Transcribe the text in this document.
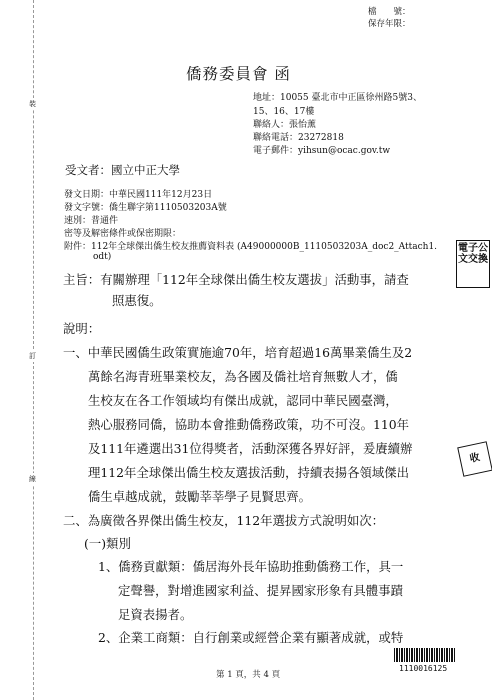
裝
訂
線
檔　　號：
保存年限：
僑務委員會 函
地址：10055 臺北市中正區徐州路5號3、
15、16、17樓
聯絡人：張怡薰
聯絡電話：23272818
電子郵件：yihsun@ocac.gov.tw
受文者：國立中正大學
發文日期：中華民國111年12月23日
發文字號：僑生聯字第1110503203A號
速別：普通件
密等及解密條件或保密期限：
附件：112年全球傑出僑生校友推薦資料表 (A49000000B_1110503203A_doc2_Attach1.
odt)
電子公文交換
收
主旨：有關辦理「112年全球傑出僑生校友選拔」活動事，請查
照惠復。
說明：
一、中華民國僑生政策實施逾70年，培育超過16萬畢業僑生及2
萬餘名海青班畢業校友，為各國及僑社培育無數人才，僑
生校友在各工作領域均有傑出成就，認同中華民國臺灣，
熱心服務同僑，協助本會推動僑務政策，功不可沒。110年
及111年遴選出31位得獎者，活動深獲各界好評，爰賡續辦
理112年全球傑出僑生校友選拔活動，持續表揚各領域傑出
僑生卓越成就，鼓勵莘莘學子見賢思齊。
二、為廣徵各界傑出僑生校友，112年選拔方式說明如次：
(一)類別
1、僑務貢獻類：僑居海外長年協助推動僑務工作，具一
定聲譽，對增進國家利益、提昇國家形象有具體事蹟
足資表揚者。
2、企業工商類：自行創業或經營企業有顯著成就，或特
第 1 頁，共 4 頁
1110016125
